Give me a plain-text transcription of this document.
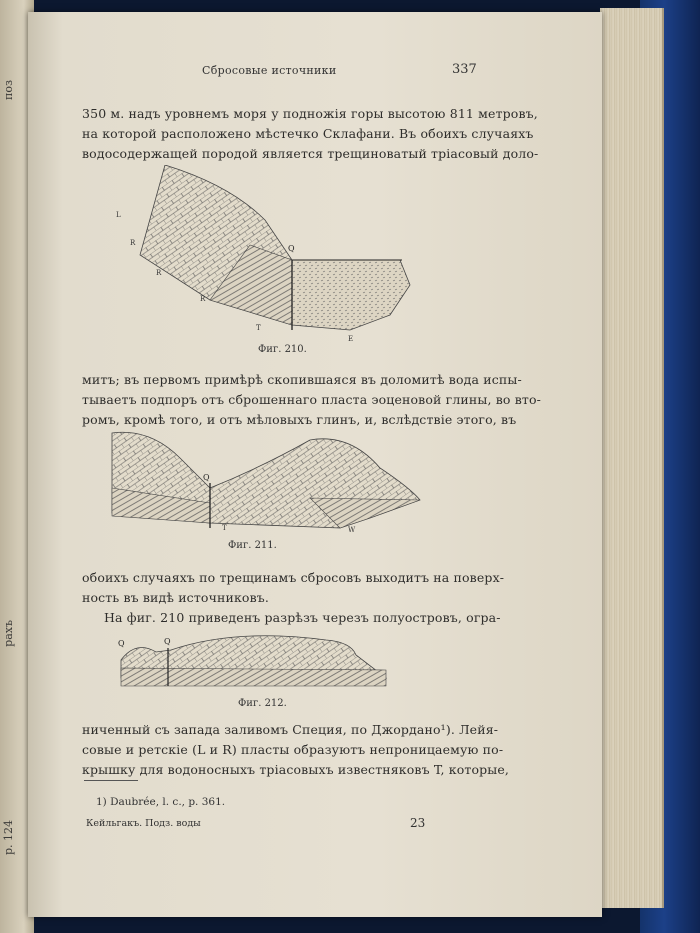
поз
рахъ
р. 124
Сбросовые источники	337
350 м. надъ уровнемъ моря у подножія горы высотою 811 метровъ,
на которой расположено мѣстечко Склафани. Въ обоихъ случаяхъ
водосодержащей породой является трещиноватый тріасовый доло-
L
R
R
R
Q
T
E
Фиг. 210.
митъ; въ первомъ примѣрѣ скопившаяся въ доломитѣ вода испы-
тываетъ подпоръ отъ сброшеннаго пласта эоценовой глины, во вто-
ромъ, кромѣ того, и отъ мѣловыхъ глинъ, и, вслѣдствіе этого, въ
Q
T	W
Фиг. 211.
обоихъ случаяхъ по трещинамъ сбросовъ выходитъ на поверх-
ность въ видѣ источниковъ.
На фиг. 210 приведенъ разрѣзъ черезъ полуостровъ, огра-
Q	Q
Фиг. 212.
ниченный съ запада заливомъ Специя, по Джордано¹). Лейя-
совые и ретскіе (L и R) пласты образуютъ непроницаемую по-
крышку для водоносныхъ тріасовыхъ известняковъ T, которые,
1) Daubrée, l. c., p. 361.
Кейльгакъ. Подз. воды	23
